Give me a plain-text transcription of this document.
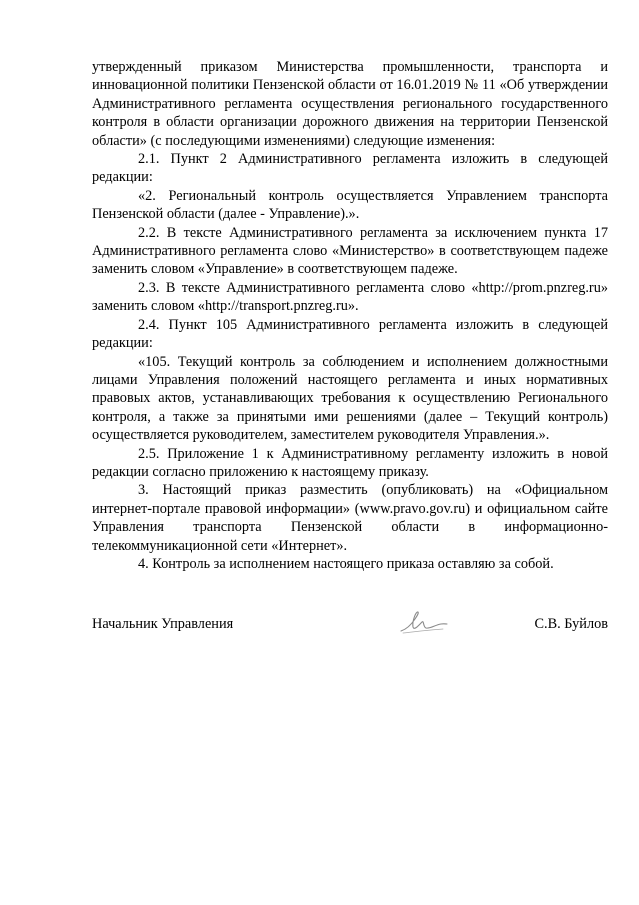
утвержденный приказом Министерства промышленности, транспорта и инновационной политики Пензенской области от 16.01.2019 № 11 «Об утверждении Административного регламента осуществления регионального государственного контроля в области организации дорожного движения на территории Пензенской области» (с последующими изменениями) следующие изменения:

2.1. Пункт 2 Административного регламента изложить в следующей редакции:

«2. Региональный контроль осуществляется Управлением транспорта Пензенской области (далее - Управление).».

2.2. В тексте Административного регламента за исключением пункта 17 Административного регламента слово «Министерство» в соответствующем падеже заменить словом «Управление» в соответствующем падеже.

2.3. В тексте Административного регламента слово «http://prom.pnzreg.ru» заменить словом «http://transport.pnzreg.ru».

2.4. Пункт 105 Административного регламента изложить в следующей редакции:

«105. Текущий контроль за соблюдением и исполнением должностными лицами Управления положений настоящего регламента и иных нормативных правовых актов, устанавливающих требования к осуществлению Регионального контроля, а также за принятыми ими решениями (далее – Текущий контроль) осуществляется руководителем, заместителем руководителя Управления.».

2.5. Приложение 1 к Административному регламенту изложить в новой редакции согласно приложению к настоящему приказу.

3. Настоящий приказ разместить (опубликовать) на «Официальном интернет-портале правовой информации» (www.pravo.gov.ru) и официальном сайте Управления транспорта Пензенской области в информационно-телекоммуникационной сети «Интернет».

4. Контроль за исполнением настоящего приказа оставляю за собой.

Начальник Управления	С.В. Буйлов
